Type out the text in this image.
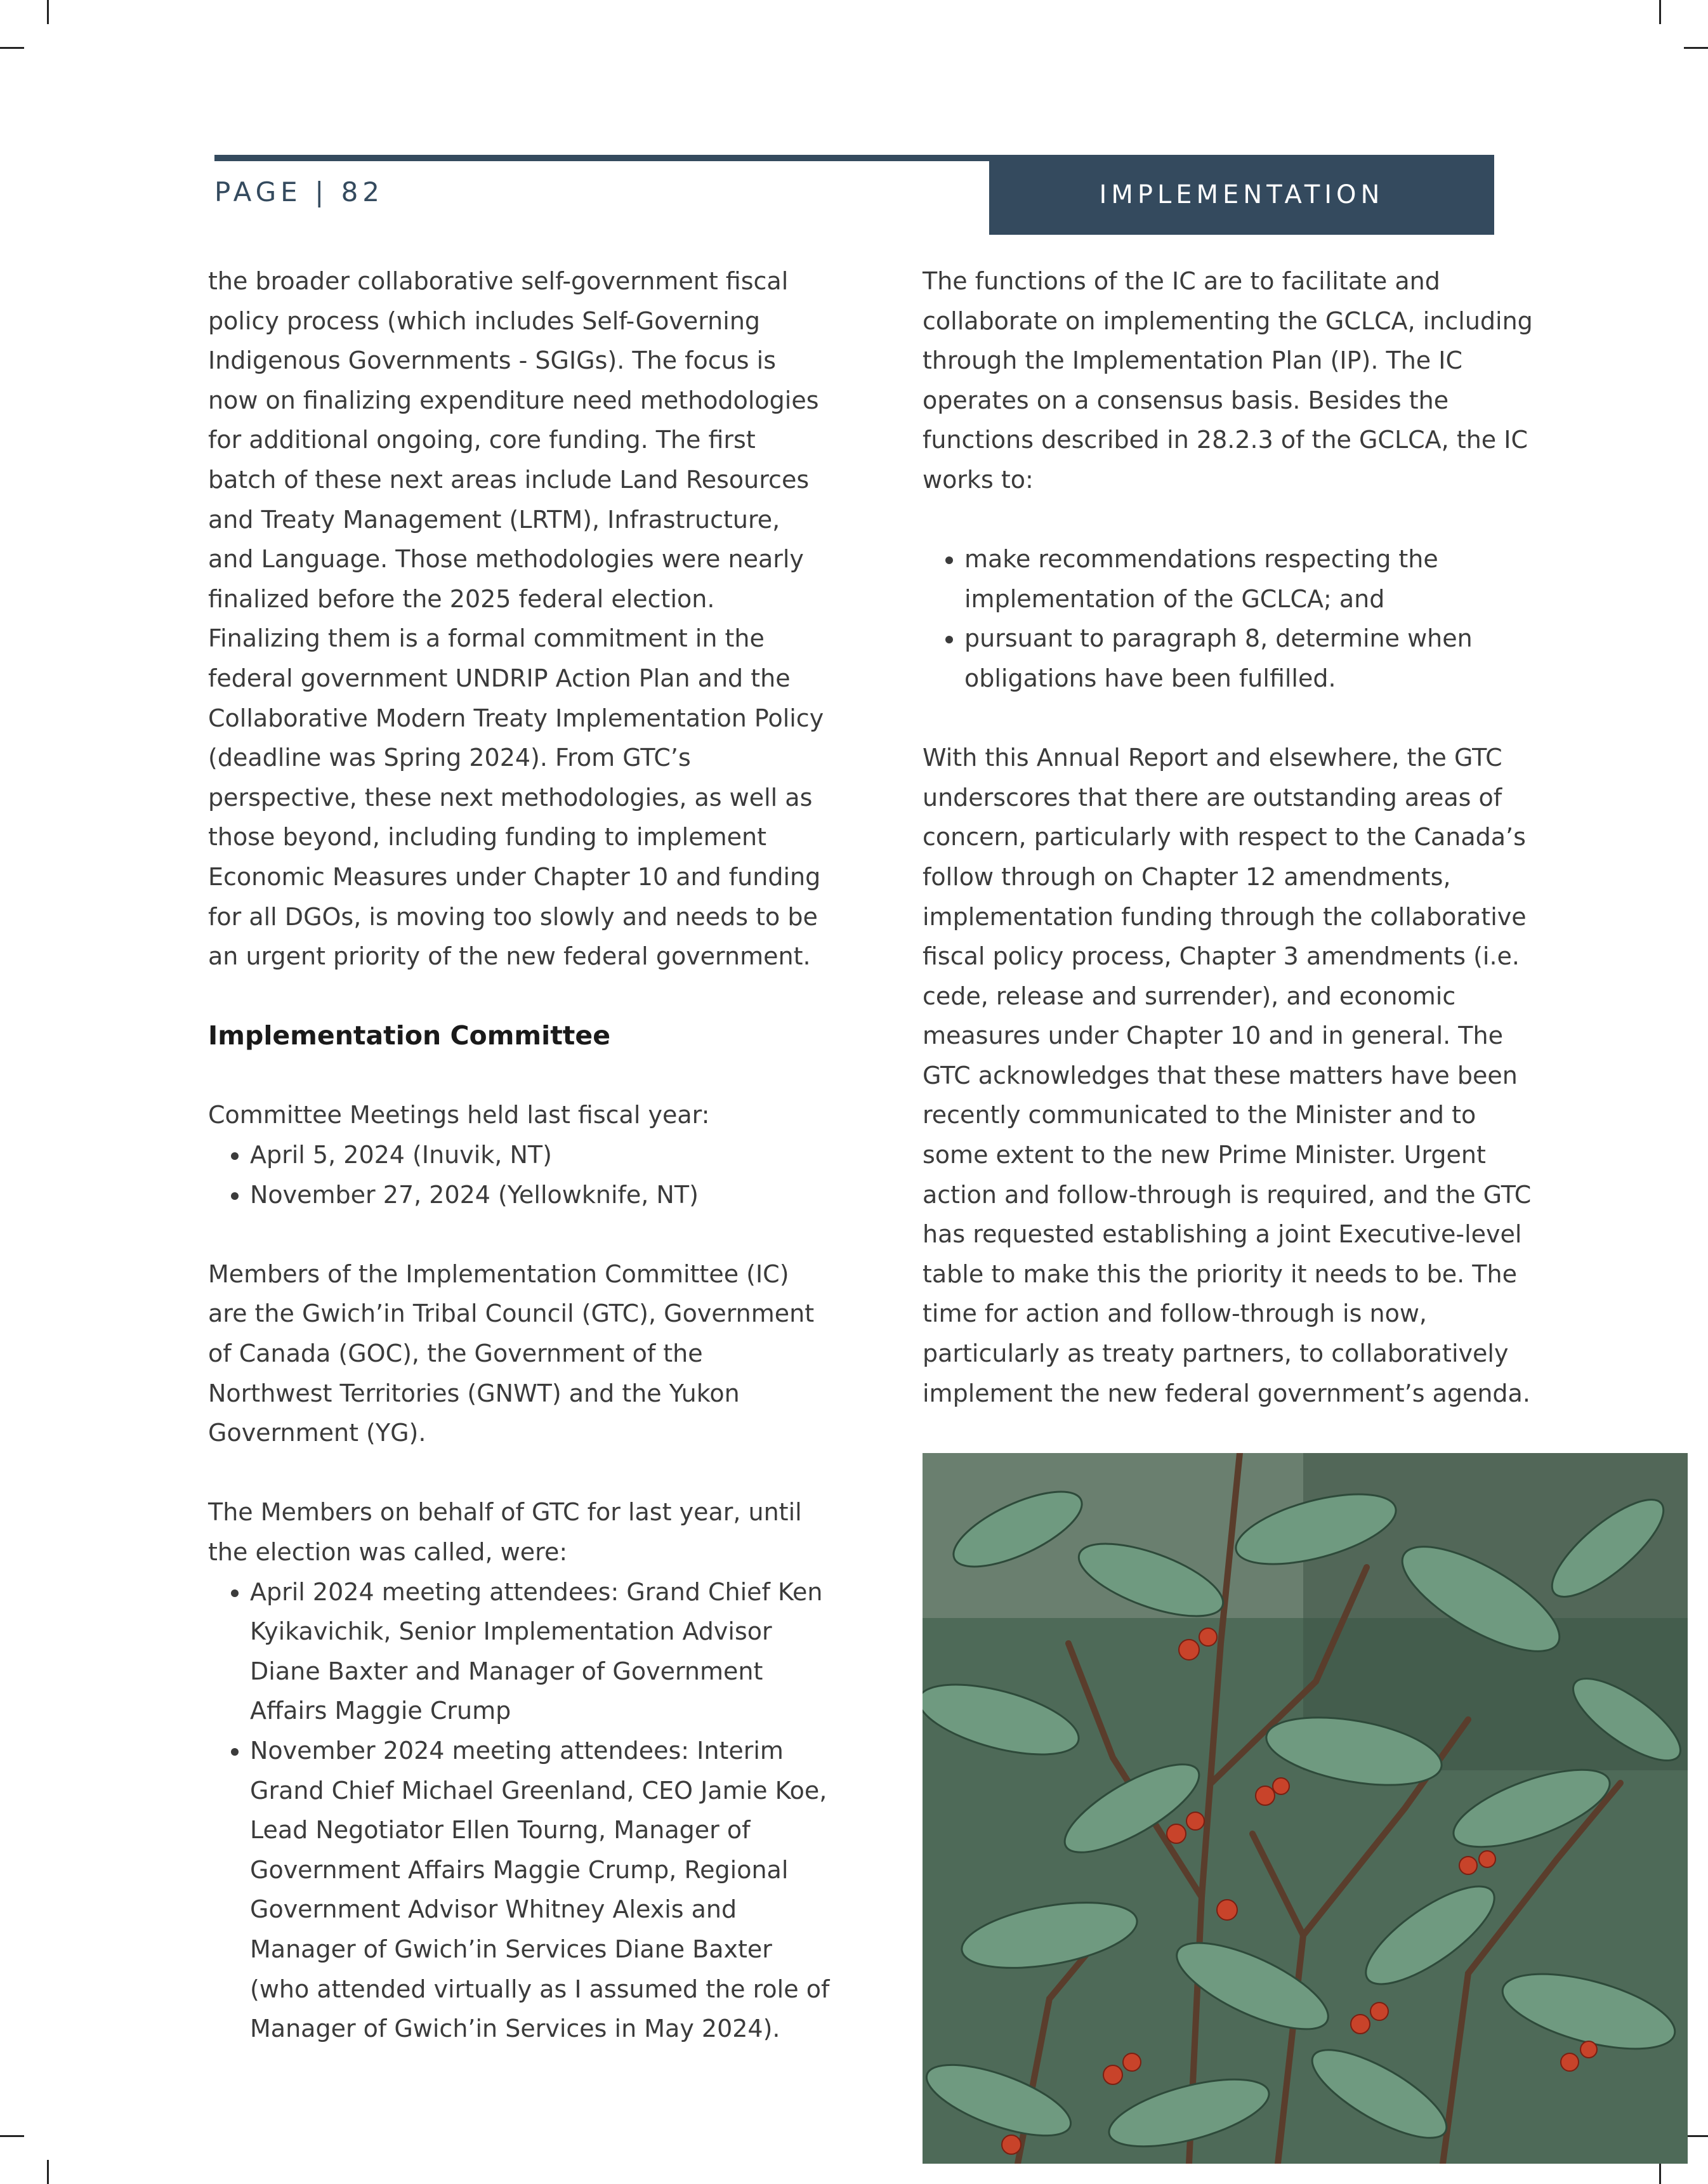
PAGE | 82	IMPLEMENTATION

the broader collaborative self-government fiscal policy process (which includes Self-Governing Indigenous Governments - SGIGs). The focus is now on finalizing expenditure need methodologies for additional ongoing, core funding. The first batch of these next areas include Land Resources and Treaty Management (LRTM), Infrastructure, and Language. Those methodologies were nearly finalized before the 2025 federal election. Finalizing them is a formal commitment in the federal government UNDRIP Action Plan and the Collaborative Modern Treaty Implementation Policy (deadline was Spring 2024). From GTC’s perspective, these next methodologies, as well as those beyond, including funding to implement Economic Measures under Chapter 10 and funding for all DGOs, is moving too slowly and needs to be an urgent priority of the new federal government.

Implementation Committee

Committee Meetings held last fiscal year:

• April 5, 2024 (Inuvik, NT)
• November 27, 2024 (Yellowknife, NT)

Members of the Implementation Committee (IC) are the Gwich’in Tribal Council (GTC), Government of Canada (GOC), the Government of the Northwest Territories (GNWT) and the Yukon Government (YG).

The Members on behalf of GTC for last year, until the election was called, were:

• April 2024 meeting attendees: Grand Chief Ken Kyikavichik, Senior Implementation Advisor Diane Baxter and Manager of Government Affairs Maggie Crump
• November 2024 meeting attendees: Interim Grand Chief Michael Greenland, CEO Jamie Koe, Lead Negotiator Ellen Tourng, Manager of Government Affairs Maggie Crump, Regional Government Advisor Whitney Alexis and Manager of Gwich’in Services Diane Baxter (who attended virtually as I assumed the role of Manager of Gwich’in Services in May 2024).

The functions of the IC are to facilitate and collaborate on implementing the GCLCA, including through the Implementation Plan (IP). The IC operates on a consensus basis. Besides the functions described in 28.2.3 of the GCLCA, the IC works to:

• make recommendations respecting the implementation of the GCLCA; and
• pursuant to paragraph 8, determine when obligations have been fulfilled.

With this Annual Report and elsewhere, the GTC underscores that there are outstanding areas of concern, particularly with respect to the Canada’s follow through on Chapter 12 amendments, implementation funding through the collaborative fiscal policy process, Chapter 3 amendments (i.e. cede, release and surrender), and economic measures under Chapter 10 and in general. The GTC acknowledges that these matters have been recently communicated to the Minister and to some extent to the new Prime Minister. Urgent action and follow-through is required, and the GTC has requested establishing a joint Executive-level table to make this the priority it needs to be. The time for action and follow-through is now, particularly as treaty partners, to collaboratively implement the new federal government’s agenda.
